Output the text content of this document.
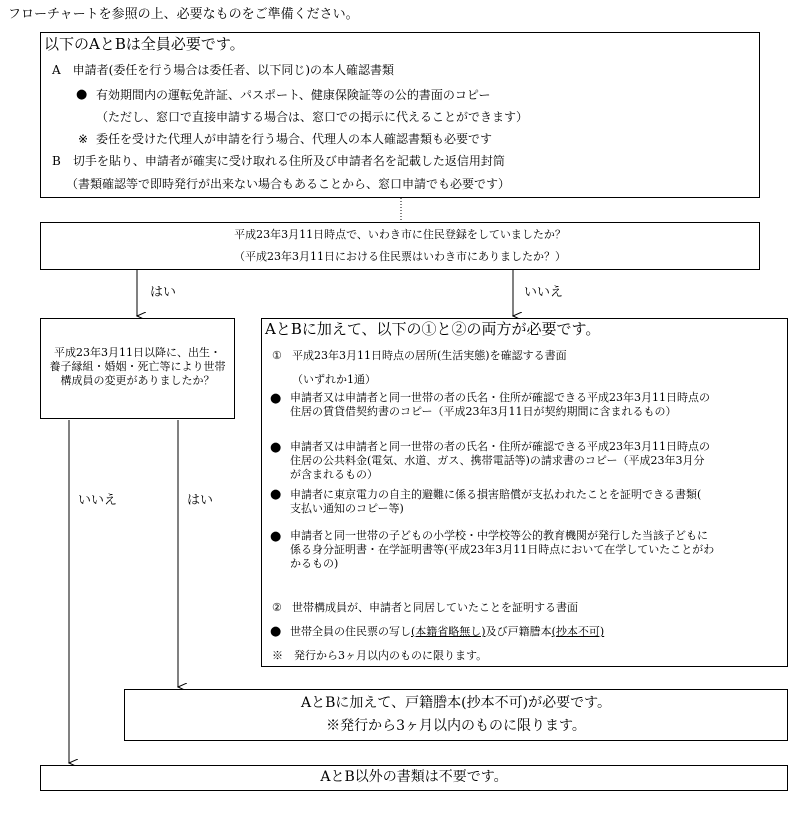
フローチャートを参照の上、必要なものをご準備ください。
以下のAとBは全員必要です。
A　申請者(委任を行う場合は委任者、以下同じ)の本人確認書類
● 有効期間内の運転免許証、パスポート、健康保険証等の公的書面のコピー
（ただし、窓口で直接申請する場合は、窓口での掲示に代えることができます）
※ 委任を受けた代理人が申請を行う場合、代理人の本人確認書類も必要です
B　切手を貼り、申請者が確実に受け取れる住所及び申請者名を記載した返信用封筒
（書類確認等で即時発行が出来ない場合もあることから、窓口申請でも必要です）
平成23年3月11日時点で、いわき市に住民登録をしていましたか？
（平成23年3月11日における住民票はいわき市にありましたか？）
はい	いいえ
いいえ	はい
平成23年3月11日以降に、出生・
養子縁組・婚姻・死亡等により世帯
構成員の変更がありましたか？
AとBに加えて、以下の①と②の両方が必要です。
① 平成23年3月11日時点の居所(生活実態)を確認する書面
（いずれか1通）
● 申請者又は申請者と同一世帯の者の氏名・住所が確認できる平成23年3月11日時点の
住居の賃貸借契約書のコピー（平成23年3月11日が契約期間に含まれるもの）
● 申請者又は申請者と同一世帯の者の氏名・住所が確認できる平成23年3月11日時点の
住居の公共料金(電気、水道、ガス、携帯電話等)の請求書のコピー（平成23年3月分
が含まれるもの）
● 申請者に東京電力の自主的避難に係る損害賠償が支払われたことを証明できる書類(
支払い通知のコピー等)
● 申請者と同一世帯の子どもの小学校・中学校等公的教育機関が発行した当該子どもに
係る身分証明書・在学証明書等(平成23年3月11日時点において在学していたことがわ
かるもの)
② 世帯構成員が、申請者と同居していたことを証明する書面
● 世帯全員の住民票の写し(本籍省略無し)及び戸籍謄本(抄本不可)
※　発行から3ヶ月以内のものに限ります。
AとBに加えて、戸籍謄本(抄本不可)が必要です。
※発行から3ヶ月以内のものに限ります。
AとB以外の書類は不要です。
